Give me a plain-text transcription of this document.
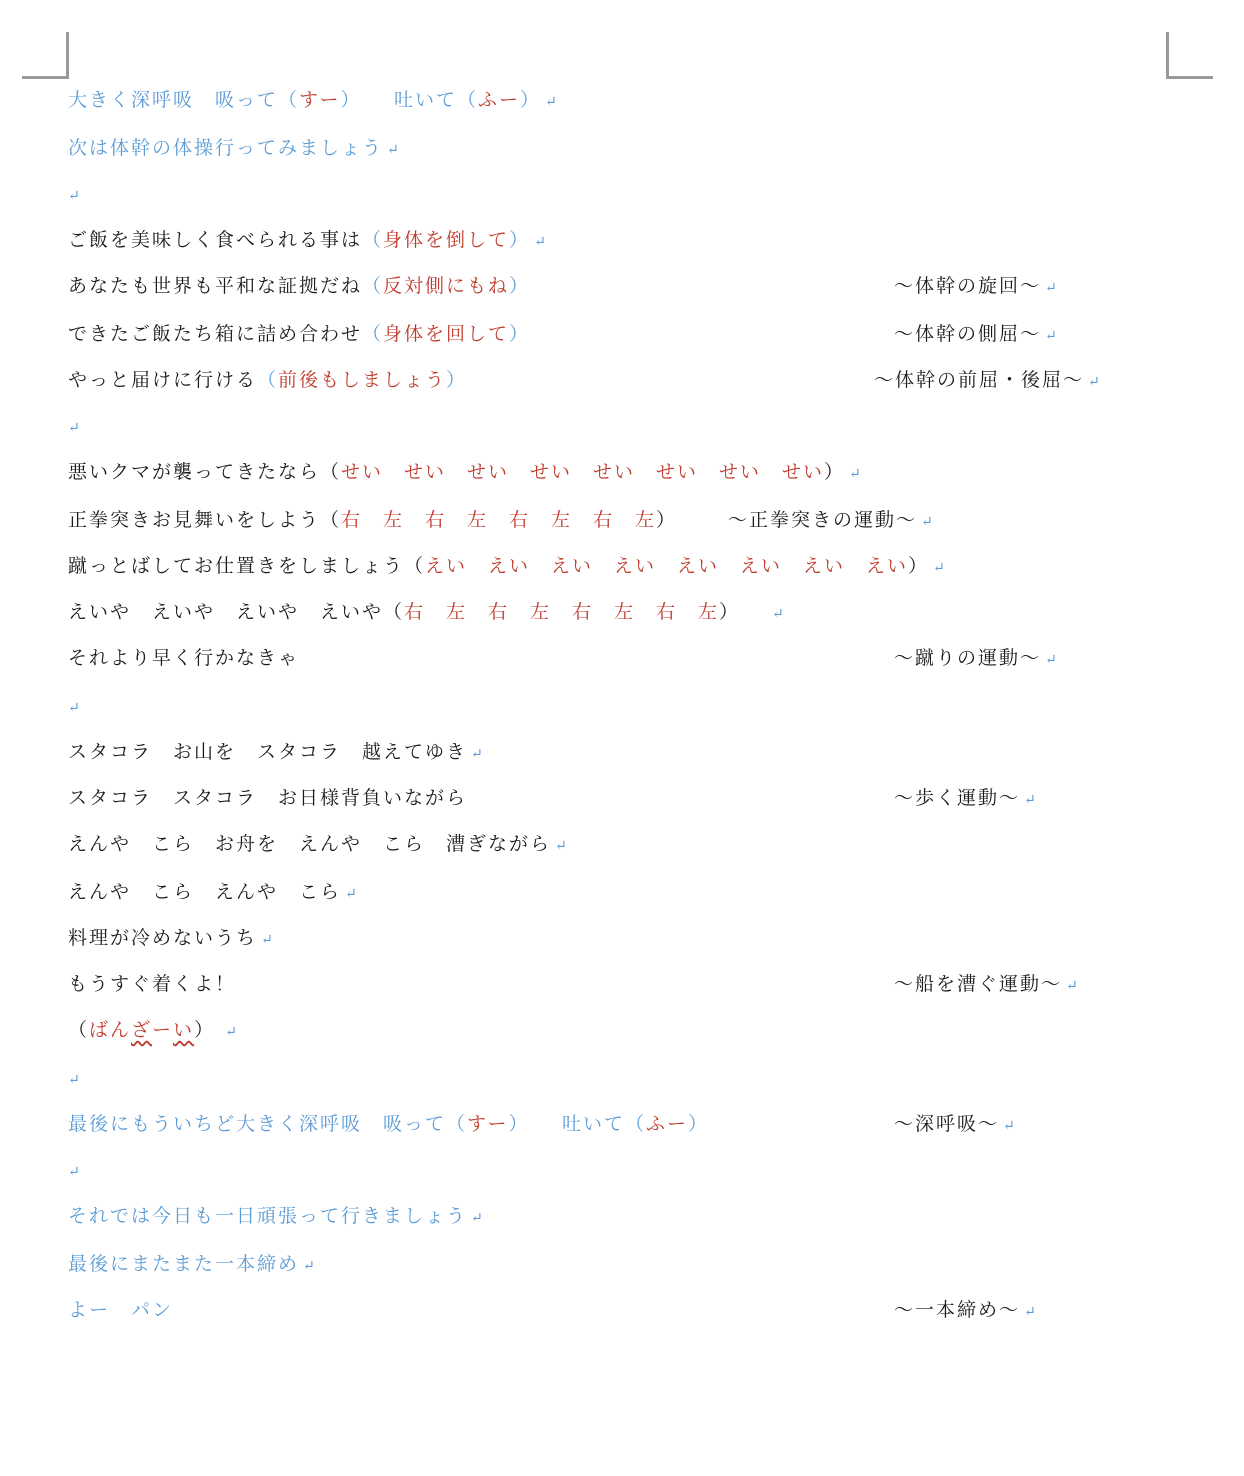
大きく深呼吸　吸って（すー）　　吐いて（ふー） ↵
次は体幹の体操行ってみましょう ↵
↵
ご飯を美味しく食べられる事は（身体を倒して） ↵
あなたも世界も平和な証拠だね（反対側にもね）	～体幹の旋回～ ↵
できたご飯たち箱に詰め合わせ（身体を回して）	～体幹の側屈～ ↵
やっと届けに行ける（前後もしましょう）	～体幹の前屈・後屈～ ↵
↵
悪いクマが襲ってきたなら（せい　せい　せい　せい　せい　せい　せい　せい） ↵
正拳突きお見舞いをしよう（右　左　右　左　右　左　右　左）	～正拳突きの運動～ ↵
蹴っとばしてお仕置きをしましょう（えい　えい　えい　えい　えい　えい　えい　えい） ↵
えいや　えいや　えいや　えいや（右　左　右　左　右　左　右　左） ↵
それより早く行かなきゃ	～蹴りの運動～ ↵
↵
スタコラ　お山を　スタコラ　越えてゆき ↵
スタコラ　スタコラ　お日様背負いながら	～歩く運動～ ↵
えんや　こら　お舟を　えんや　こら　漕ぎながら ↵
えんや　こら　えんや　こら ↵
料理が冷めないうち ↵
もうすぐ着くよ！	～船を漕ぐ運動～ ↵
（ばんざーい） ↵
↵
最後にもういちど大きく深呼吸　吸って（すー）　　吐いて（ふー）	～深呼吸～ ↵
↵
それでは今日も一日頑張って行きましょう ↵
最後にまたまた一本締め ↵
よー　パン	～一本締め～ ↵
